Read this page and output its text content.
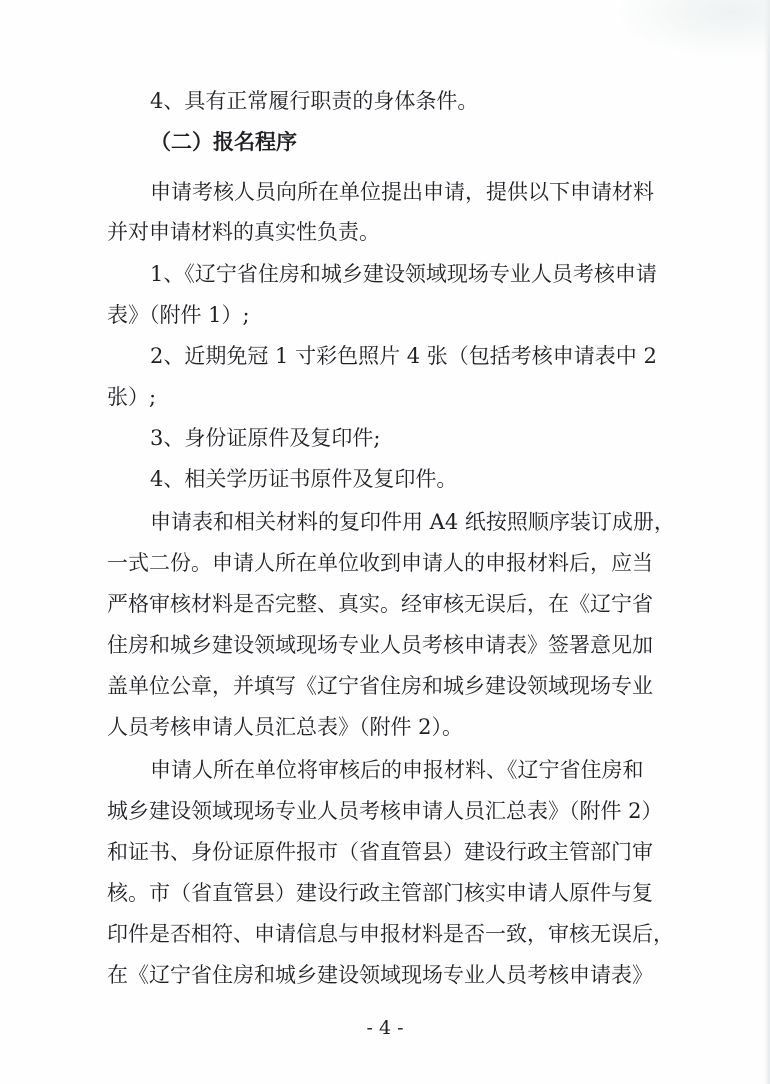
4、具有正常履行职责的身体条件。

（二）报名程序

申请考核人员向所在单位提出申请，提供以下申请材料

并对申请材料的真实性负责。

1、《辽宁省住房和城乡建设领域现场专业人员考核申请

表》（附件 1）;

2、近期免冠 1 寸彩色照片 4 张（包括考核申请表中 2

张）;

3、身份证原件及复印件;

4、相关学历证书原件及复印件。

申请表和相关材料的复印件用 A4 纸按照顺序装订成册，

一式二份。申请人所在单位收到申请人的申报材料后，应当

严格审核材料是否完整、真实。经审核无误后，在《辽宁省

住房和城乡建设领域现场专业人员考核申请表》签署意见加

盖单位公章，并填写《辽宁省住房和城乡建设领域现场专业

人员考核申请人员汇总表》（附件 2）。

申请人所在单位将审核后的申报材料、《辽宁省住房和

城乡建设领域现场专业人员考核申请人员汇总表》（附件 2）

和证书、身份证原件报市（省直管县）建设行政主管部门审

核。市（省直管县）建设行政主管部门核实申请人原件与复

印件是否相符、申请信息与申报材料是否一致，审核无误后，

在《辽宁省住房和城乡建设领域现场专业人员考核申请表》

- 4 -
